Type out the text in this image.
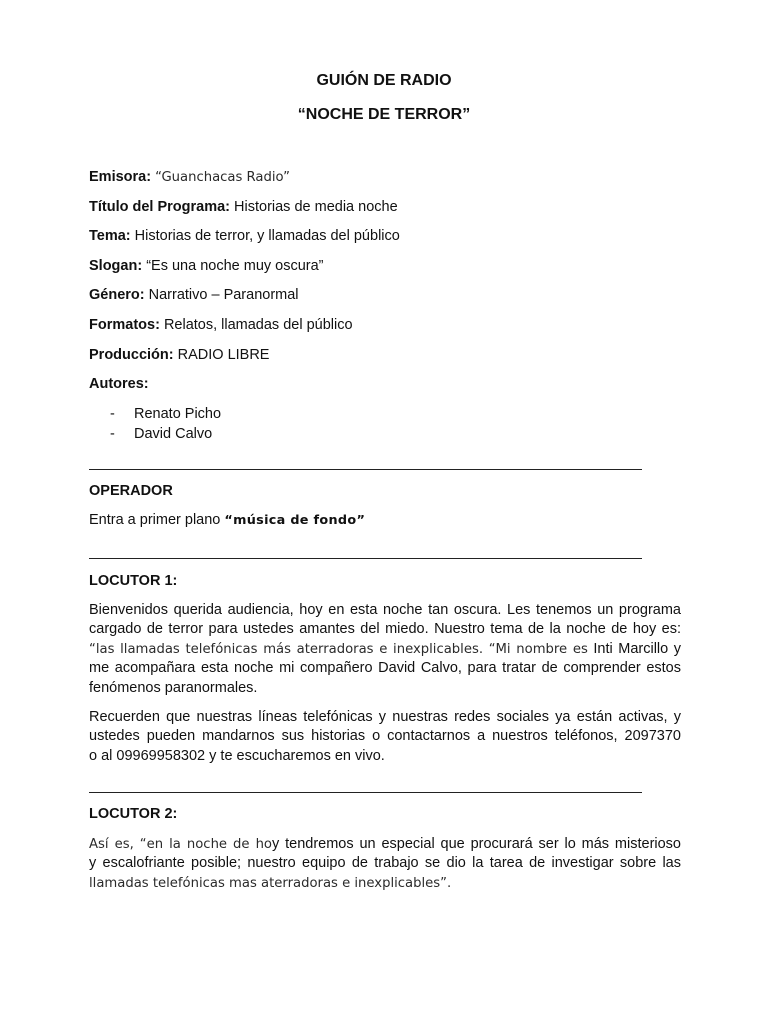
GUIÓN DE RADIO
“NOCHE DE TERROR”
Emisora: “Guanchacas Radio”
Título del Programa: Historias de media noche
Tema: Historias de terror, y llamadas del público
Slogan: “Es una noche muy oscura”
Género: Narrativo – Paranormal
Formatos: Relatos, llamadas del público
Producción: RADIO LIBRE
Autores:
- Renato Picho
- David Calvo
OPERADOR
Entra a primer plano “música de fondo”
LOCUTOR 1:
Bienvenidos querida audiencia, hoy en esta noche tan oscura. Les tenemos un programa
cargado de terror para ustedes amantes del miedo. Nuestro tema de la noche de hoy es:
“las llamadas telefónicas más aterradoras e inexplicables. “Mi nombre es Inti Marcillo y
me acompañara esta noche mi compañero David Calvo, para tratar de comprender estos
fenómenos paranormales.
Recuerden que nuestras líneas telefónicas y nuestras redes sociales ya están activas, y
ustedes pueden mandarnos sus historias o contactarnos a nuestros teléfonos, 2097370
o al 09969958302 y te escucharemos en vivo.
LOCUTOR 2:
Así es, “en la noche de hoy tendremos un especial que procurará ser lo más misterioso
y escalofriante posible; nuestro equipo de trabajo se dio la tarea de investigar sobre las
llamadas telefónicas mas aterradoras e inexplicables”.
